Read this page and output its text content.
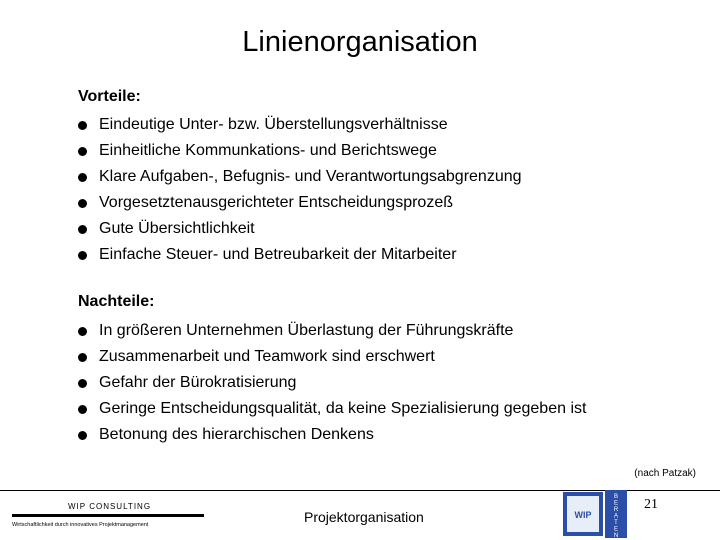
Linienorganisation
Vorteile:
Eindeutige Unter- bzw. Überstellungsverhältnisse
Einheitliche Kommunkations- und Berichtswege
Klare Aufgaben-, Befugnis- und Verantwortungsabgrenzung
Vorgesetztenausgerichteter Entscheidungsprozeß
Gute Übersichtlichkeit
Einfache Steuer- und Betreubarkeit der Mitarbeiter
Nachteile:
In größeren Unternehmen Überlastung der Führungskräfte
Zusammenarbeit und Teamwork sind erschwert
Gefahr der Bürokratisierung
Geringe Entscheidungsqualität, da keine Spezialisierung gegeben ist
Betonung des hierarchischen Denkens
(nach Patzak)
WIP CONSULTING
Wirtschaftlichkeit durch innovatives Projektmanagement	Projektorganisation	WIP
B
E
R
A
T
E
N
21
